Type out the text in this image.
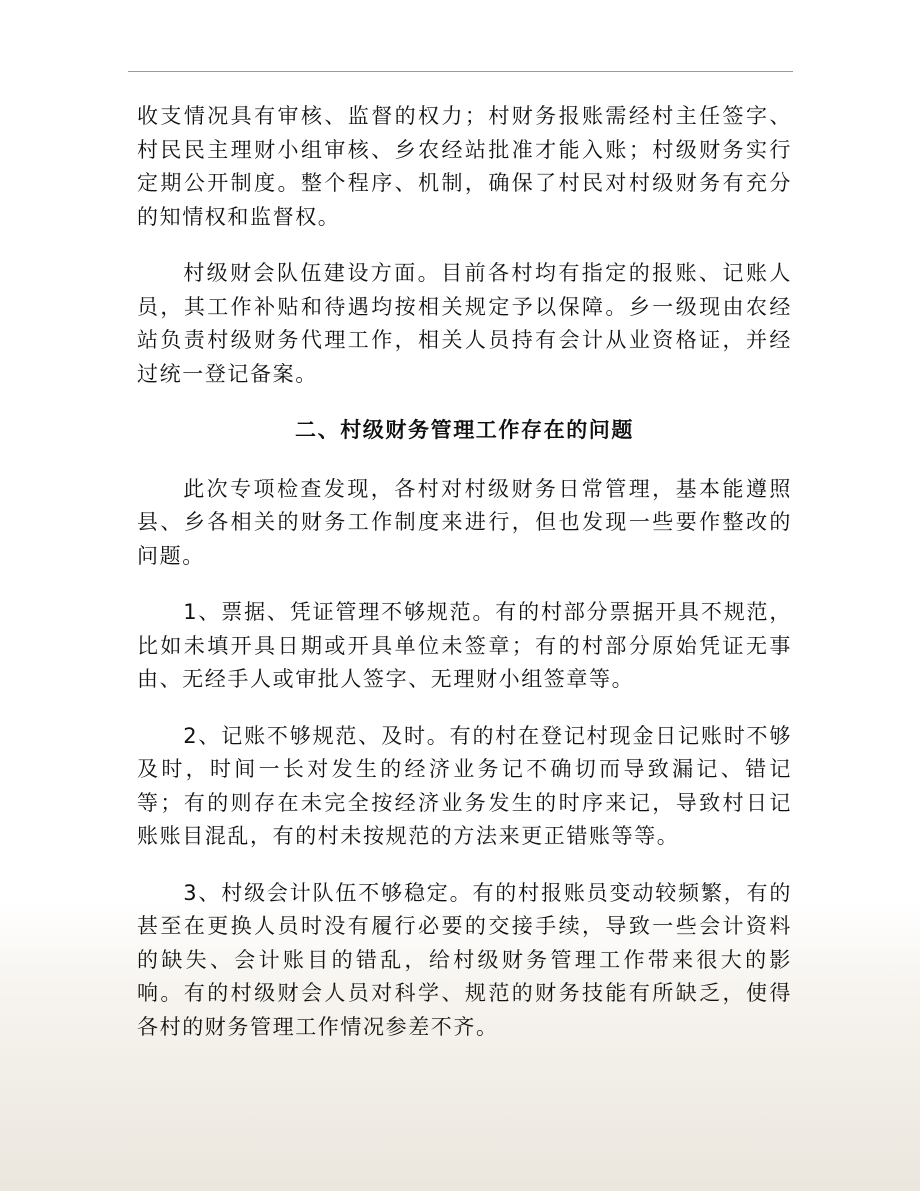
收支情况具有审核、监督的权力；村财务报账需经村主任签字、村民民主理财小组审核、乡农经站批准才能入账；村级财务实行定期公开制度。整个程序、机制，确保了村民对村级财务有充分的知情权和监督权。

村级财会队伍建设方面。目前各村均有指定的报账、记账人员，其工作补贴和待遇均按相关规定予以保障。乡一级现由农经站负责村级财务代理工作，相关人员持有会计从业资格证，并经过统一登记备案。

二、村级财务管理工作存在的问题

此次专项检查发现，各村对村级财务日常管理，基本能遵照县、乡各相关的财务工作制度来进行，但也发现一些要作整改的问题。

1、票据、凭证管理不够规范。有的村部分票据开具不规范，比如未填开具日期或开具单位未签章；有的村部分原始凭证无事由、无经手人或审批人签字、无理财小组签章等。

2、记账不够规范、及时。有的村在登记村现金日记账时不够及时，时间一长对发生的经济业务记不确切而导致漏记、错记等；有的则存在未完全按经济业务发生的时序来记，导致村日记账账目混乱，有的村未按规范的方法来更正错账等等。

3、村级会计队伍不够稳定。有的村报账员变动较频繁，有的甚至在更换人员时没有履行必要的交接手续，导致一些会计资料的缺失、会计账目的错乱，给村级财务管理工作带来很大的影响。有的村级财会人员对科学、规范的财务技能有所缺乏，使得各村的财务管理工作情况参差不齐。
